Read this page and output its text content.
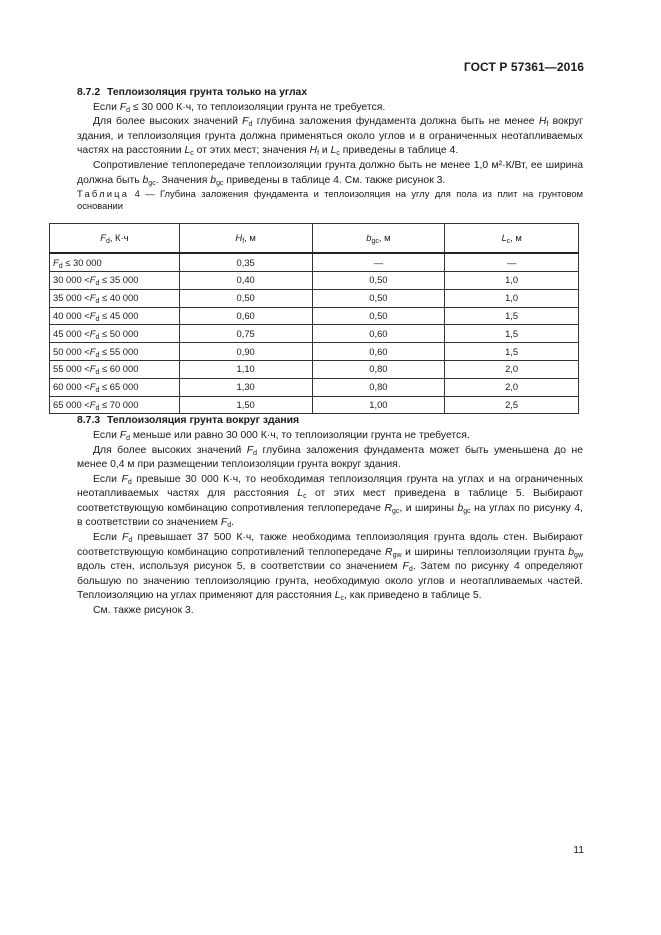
ГОСТ Р 57361—2016

8.7.2 Теплоизоляция грунта только на углах

Если $F_d \le 30$ 000 К·ч, то теплоизоляции грунта не требуется.

Для более высоких значений $F_d$ глубина заложения фундамента должна быть не менее $H_f$ вокруг здания, и теплоизоляция грунта должна применяться около углов и в ограниченных неотапливаемых частях на расстоянии $L_c$ от этих мест; значения $H_f$ и $L_c$ приведены в таблице 4.

Сопротивление теплопередаче теплоизоляции грунта должно быть не менее 1,0 м²·К/Вт, ее ширина должна быть $b_{gc}$. Значения $b_{gc}$ приведены в таблице 4. См. также рисунок 3.

Таблица 4 — Глубина заложения фундамента и теплоизоляция на углу для пола из плит на грунтовом основании

$F_d$, К·ч	$H_f$, м	$b_{gc}$, м	$L_c$, м
$F_d \le 30$ 000	0,35	—	—
30 $000 <F_d \le 35$ 000	0,40	0,50	1,0
35 $000 <F_d \le 40$ 000	0,50	0,50	1,0
40 $000 <F_d \le 45$ 000	0,60	0,50	1,5
45 $000 <F_d \le 50$ 000	0,75	0,60	1,5
50 $000 <F_d \le 55$ 000	0,90	0,60	1,5
55 $000 <F_d \le 60$ 000	1,10	0,80	2,0
60 $000 <F_d \le 65$ 000	1,30	0,80	2,0
65 $000 <F_d \le 70$ 000	1,50	1,00	2,5

8.7.3 Теплоизоляция грунта вокруг здания

Если $F_d$ меньше или равно 30 000 К·ч, то теплоизоляции грунта не требуется.

Для более высоких значений $F_d$ глубина заложения фундамента может быть уменьшена до не менее 0,4 м при размещении теплоизоляции грунта вокруг здания.

Если $F_d$ превыше 30 000 К·ч, то необходимая теплоизоляция грунта на углах и на ограниченных неотапливаемых частях для расстояния $L_c$ от этих мест приведена в таблице 5. Выбирают соответствующую комбинацию сопротивления теплопередаче $R_{gc}$, и ширины $b_{gc}$ на углах по рисунку 4, в соответствии со значением $F_d$.

Если $F_d$ превышает 37 500 К·ч, также необходима теплоизоляция грунта вдоль стен. Выбирают соответствующую комбинацию сопротивлений теплопередаче $R_{gw}$ и ширины теплоизоляции грунта $b_{gw}$ вдоль стен, используя рисунок 5, в соответствии со значением $F_d$. Затем по рисунку 4 определяют большую по значению теплоизоляцию грунта, необходимую около углов и неотапливаемых частей. Теплоизоляцию на углах применяют для расстояния $L_c$, как приведено в таблице 5.

См. также рисунок 3.

11
